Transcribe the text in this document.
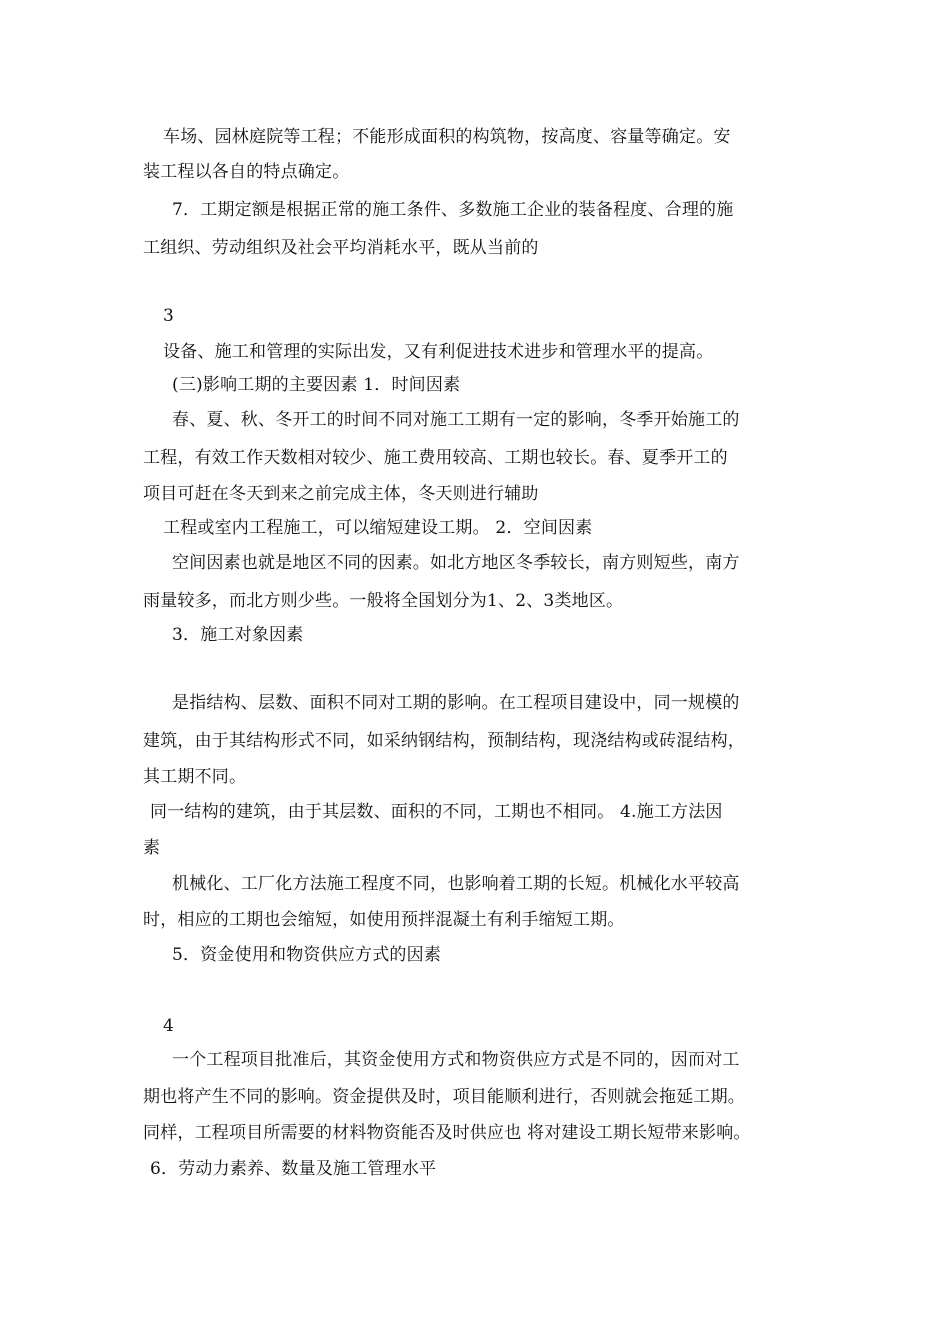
车场、园林庭院等工程；不能形成面积的构筑物，按高度、容量等确定。安
装工程以各自的特点确定。
7．工期定额是根据正常的施工条件、多数施工企业的装备程度、合理的施
工组织、劳动组织及社会平均消耗水平，既从当前的
3
设备、施工和管理的实际出发，又有利促进技术进步和管理水平的提高。
(三)影响工期的主要因素 1．时间因素
春、夏、秋、冬开工的时间不同对施工工期有一定的影响，冬季开始施工的
工程，有效工作天数相对较少、施工费用较高、工期也较长。春、夏季开工的
项目可赶在冬天到来之前完成主体，冬天则进行辅助
工程或室内工程施工，可以缩短建设工期。 2．空间因素
空间因素也就是地区不同的因素。如北方地区冬季较长，南方则短些，南方
雨量较多，而北方则少些。一般将全国划分为1、2、3类地区。
3．施工对象因素
是指结构、层数、面积不同对工期的影响。在工程项目建设中，同一规模的
建筑，由于其结构形式不同，如采纳钢结构，预制结构，现浇结构或砖混结构，
其工期不同。
同一结构的建筑，由于其层数、面积的不同，工期也不相同。 4.施工方法因
素
机械化、工厂化方法施工程度不同，也影响着工期的长短。机械化水平较高
时，相应的工期也会缩短，如使用预拌混凝土有利手缩短工期。
5．资金使用和物资供应方式的因素
4
一个工程项目批准后，其资金使用方式和物资供应方式是不同的，因而对工
期也将产生不同的影响。资金提供及时，项目能顺利进行，否则就会拖延工期。
同样，工程项目所需要的材料物资能否及时供应也 将对建设工期长短带来影响。
6．劳动力素养、数量及施工管理水平
